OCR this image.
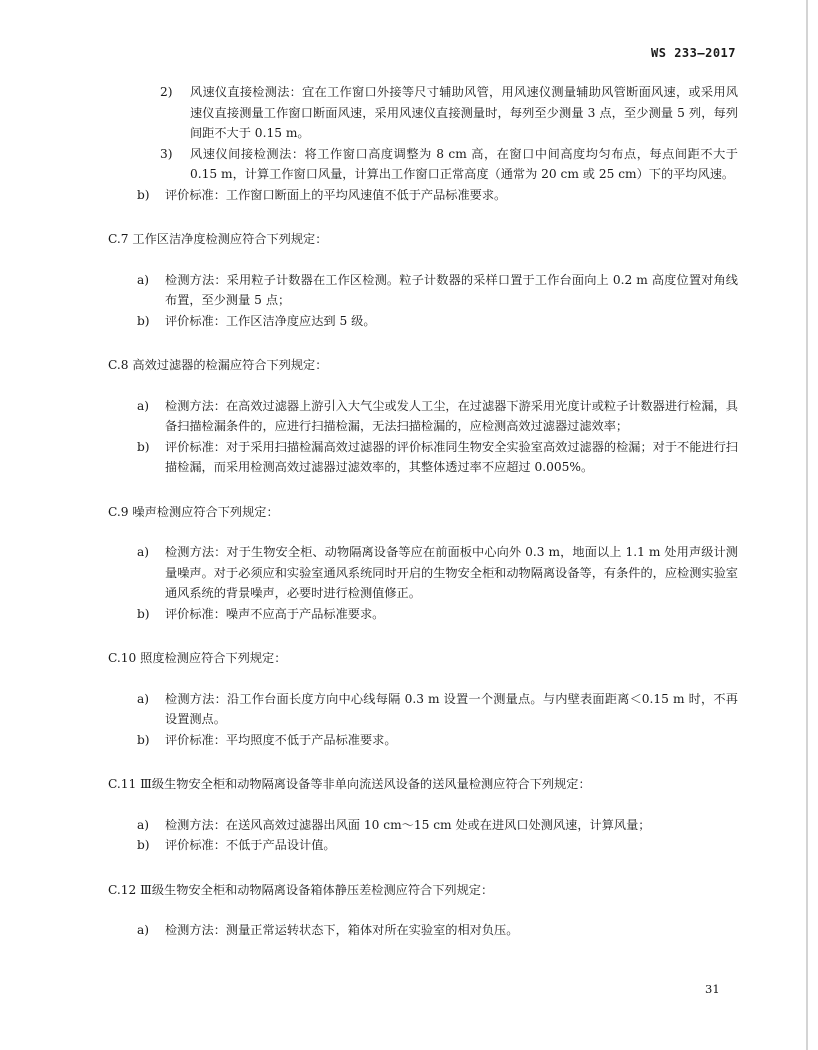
WS 233—2017
2)	风速仪直接检测法：宜在工作窗口外接等尺寸辅助风管，用风速仪测量辅助风管断面风速，或采用风速仪直接测量工作窗口断面风速，采用风速仪直接测量时，每列至少测量 3 点，至少测量 5 列，每列间距不大于 0.15 m。
3)	风速仪间接检测法：将工作窗口高度调整为 8 cm 高，在窗口中间高度均匀布点，每点间距不大于 0.15 m，计算工作窗口风量，计算出工作窗口正常高度（通常为 20 cm 或 25 cm）下的平均风速。
b)	评价标准：工作窗口断面上的平均风速值不低于产品标准要求。
C.7 工作区洁净度检测应符合下列规定：
a)	检测方法：采用粒子计数器在工作区检测。粒子计数器的采样口置于工作台面向上 0.2 m 高度位置对角线布置，至少测量 5 点；
b)	评价标准：工作区洁净度应达到 5 级。
C.8 高效过滤器的检漏应符合下列规定：
a)	检测方法：在高效过滤器上游引入大气尘或发人工尘，在过滤器下游采用光度计或粒子计数器进行检漏，具备扫描检漏条件的，应进行扫描检漏，无法扫描检漏的，应检测高效过滤器过滤效率；
b)	评价标准：对于采用扫描检漏高效过滤器的评价标准同生物安全实验室高效过滤器的检漏；对于不能进行扫描检漏，而采用检测高效过滤器过滤效率的，其整体透过率不应超过 0.005%。
C.9 噪声检测应符合下列规定：
a)	检测方法：对于生物安全柜、动物隔离设备等应在前面板中心向外 0.3 m，地面以上 1.1 m 处用声级计测量噪声。对于必须应和实验室通风系统同时开启的生物安全柜和动物隔离设备等，有条件的，应检测实验室通风系统的背景噪声，必要时进行检测值修正。
b)	评价标准：噪声不应高于产品标准要求。
C.10 照度检测应符合下列规定：
a)	检测方法：沿工作台面长度方向中心线每隔 0.3 m 设置一个测量点。与内壁表面距离＜0.15 m 时，不再设置测点。
b)	评价标准：平均照度不低于产品标准要求。
C.11 Ⅲ级生物安全柜和动物隔离设备等非单向流送风设备的送风量检测应符合下列规定：
a)	检测方法：在送风高效过滤器出风面 10 cm～15 cm 处或在进风口处测风速，计算风量；
b)	评价标准：不低于产品设计值。
C.12 Ⅲ级生物安全柜和动物隔离设备箱体静压差检测应符合下列规定：
a)	检测方法：测量正常运转状态下，箱体对所在实验室的相对负压。
31
